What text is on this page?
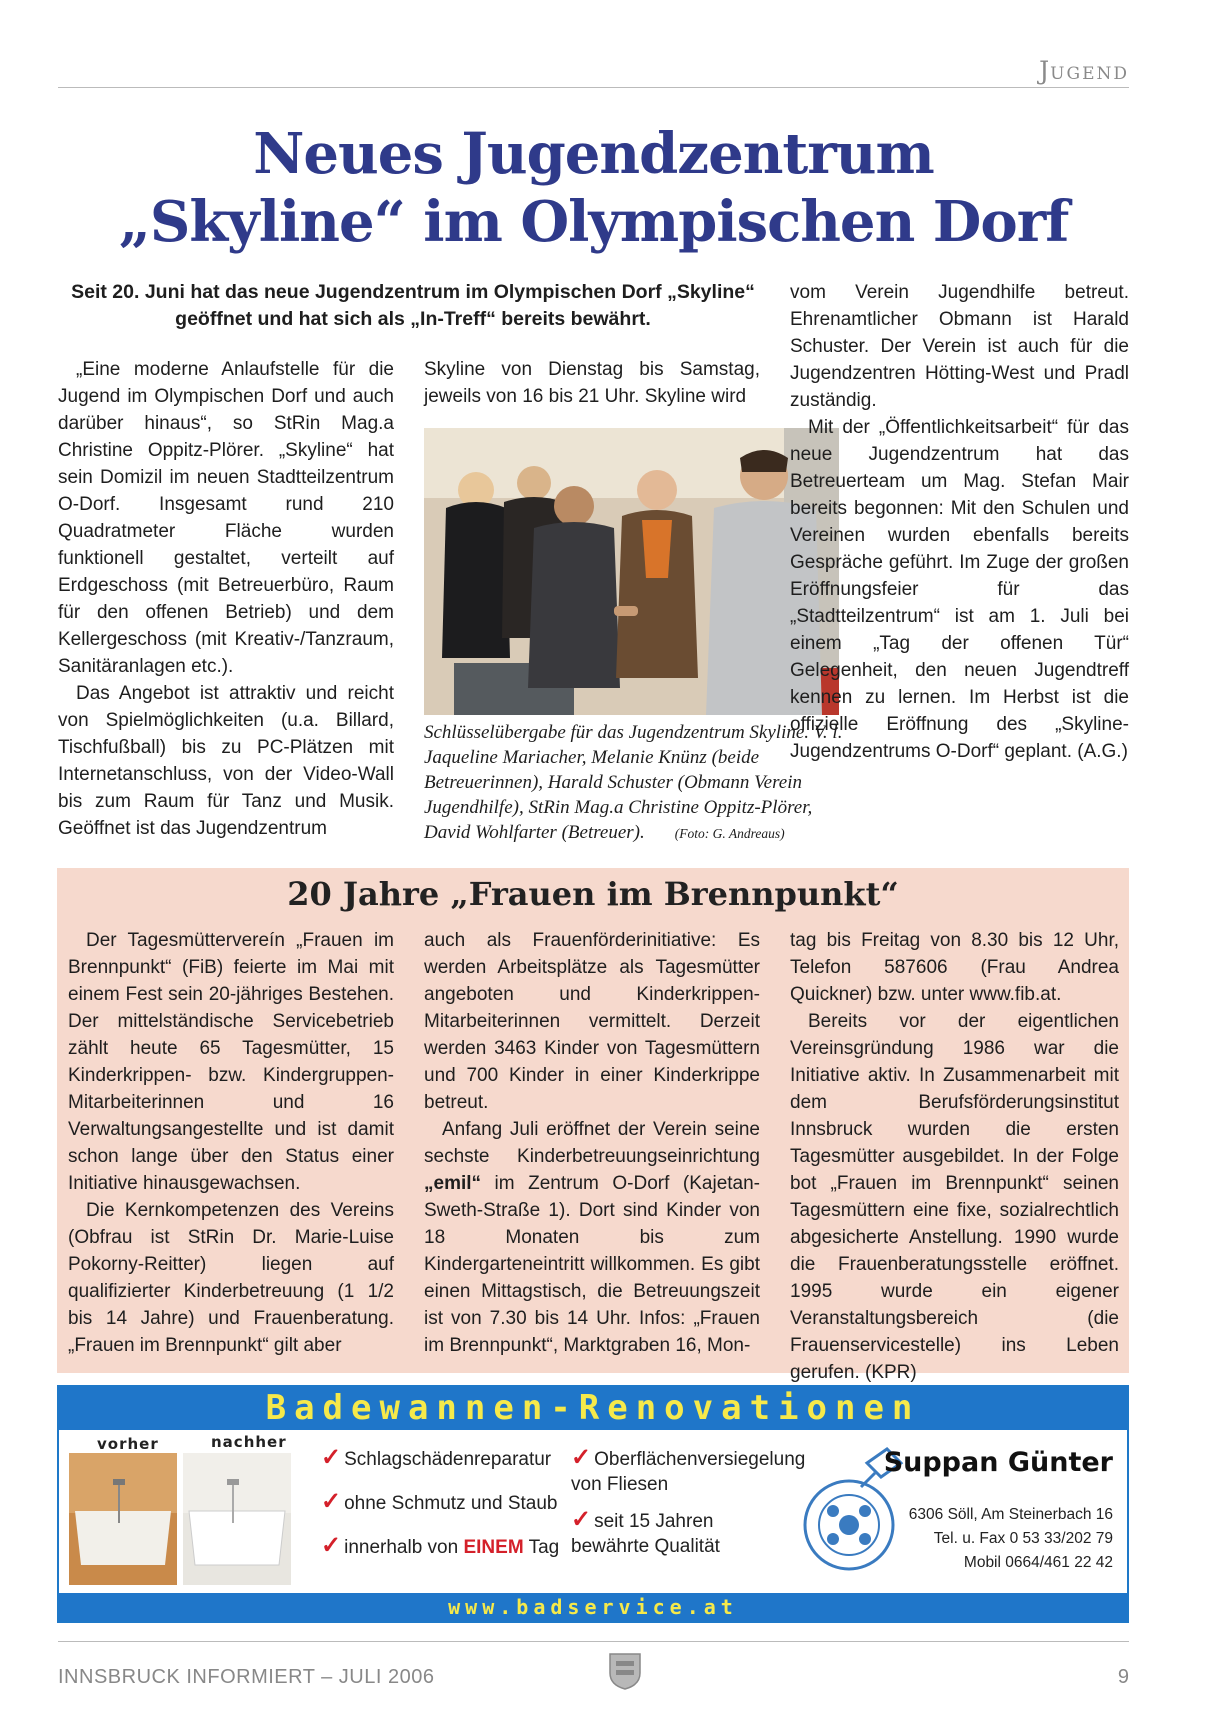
JUGEND
Neues Jugendzentrum
„Skyline“ im Olympischen Dorf
Seit 20. Juni hat das neue Jugendzentrum im Olympischen Dorf „Skyline“ geöffnet und hat sich als „In-Treff“ bereits bewährt.

„Eine moderne Anlaufstelle für die Jugend im Olympischen Dorf und auch darüber hinaus“, so StRin Mag.a Christine Oppitz-Plörer. „Skyline“ hat sein Domizil im neuen Stadtteilzentrum O-Dorf. Insgesamt rund 210 Quadratmeter Fläche wurden funktionell gestaltet, verteilt auf Erdgeschoss (mit Betreuerbüro, Raum für den offenen Betrieb) und dem Kellergeschoss (mit Kreativ-/Tanzraum, Sanitäranlagen etc.).

Das Angebot ist attraktiv und reicht von Spielmöglichkeiten (u.a. Billard, Tischfußball) bis zu PC-Plätzen mit Internetanschluss, von der Video-Wall bis zum Raum für Tanz und Musik. Geöffnet ist das Jugendzentrum

Skyline von Dienstag bis Samstag, jeweils von 16 bis 21 Uhr. Skyline wird

Schlüsselübergabe für das Jugendzentrum Skyline. V. l. Jaqueline Mariacher, Melanie Knünz (beide Betreuerinnen), Harald Schuster (Obmann Verein Jugendhilfe), StRin Mag.a Christine Oppitz-Plörer, David Wohlfarter (Betreuer). (Foto: G. Andreaus)

vom Verein Jugendhilfe betreut. Ehrenamtlicher Obmann ist Harald Schuster. Der Verein ist auch für die Jugendzentren Hötting-West und Pradl zuständig.

Mit der „Öffentlichkeitsarbeit“ für das neue Jugendzentrum hat das Betreuerteam um Mag. Stefan Mair bereits begonnen: Mit den Schulen und Vereinen wurden ebenfalls bereits Gespräche geführt. Im Zuge der großen Eröffnungsfeier für das „Stadtteilzentrum“ ist am 1. Juli bei einem „Tag der offenen Tür“ Gelegenheit, den neuen Jugendtreff kennen zu lernen. Im Herbst ist die offizielle Eröffnung des „Skyline-Jugendzentrums O-Dorf“ geplant. (A.G.)

20 Jahre „Frauen im Brennpunkt“

Der Tagesmüttervereín „Frauen im Brennpunkt“ (FiB) feierte im Mai mit einem Fest sein 20-jähriges Bestehen. Der mittelständische Servicebetrieb zählt heute 65 Tagesmütter, 15 Kinderkrippen- bzw. Kindergruppen-Mitarbeiterinnen und 16 Verwaltungsangestellte und ist damit schon lange über den Status einer Initiative hinausgewachsen.

Die Kernkompetenzen des Vereins (Obfrau ist StRin Dr. Marie-Luise Pokorny-Reitter) liegen auf qualifizierter Kinderbetreuung (1 1/2 bis 14 Jahre) und Frauenberatung. „Frauen im Brennpunkt“ gilt aber

auch als Frauenförderinitiative: Es werden Arbeitsplätze als Tagesmütter angeboten und Kinderkrippen-Mitarbeiterinnen vermittelt. Derzeit werden 3463 Kinder von Tagesmüttern und 700 Kinder in einer Kinderkrippe betreut.

Anfang Juli eröffnet der Verein seine sechste Kinderbetreuungseinrichtung „emil“ im Zentrum O-Dorf (Kajetan-Sweth-Straße 1). Dort sind Kinder von 18 Monaten bis zum Kindergarteneintritt willkommen. Es gibt einen Mittagstisch, die Betreuungszeit ist von 7.30 bis 14 Uhr. Infos: „Frauen im Brennpunkt“, Marktgraben 16, Mon-

tag bis Freitag von 8.30 bis 12 Uhr, Telefon 587606 (Frau Andrea Quickner) bzw. unter www.fib.at.

Bereits vor der eigentlichen Vereinsgründung 1986 war die Initiative aktiv. In Zusammenarbeit mit dem Berufsförderungsinstitut Innsbruck wurden die ersten Tagesmütter ausgebildet. In der Folge bot „Frauen im Brennpunkt“ seinen Tagesmüttern eine fixe, sozialrechtlich abgesicherte Anstellung. 1990 wurde die Frauenberatungsstelle eröffnet. 1995 wurde ein eigener Veranstaltungsbereich (die Frauenservicestelle) ins Leben gerufen. (KPR)

Badewannen-Renovationen
vorher	nachher
✓ Schlagschädenreparatur
✓ ohne Schmutz und Staub
✓ innerhalb von EINEM Tag
✓ Oberflächenversiegelung von Fliesen
✓ seit 15 Jahren bewährte Qualität
Suppan Günter
6306 Söll, Am Steinerbach 16
Tel. u. Fax 0 53 33/202 79
Mobil 0664/461 22 42
www.badservice.at
INNSBRUCK INFORMIERT – JULI 2006	9
